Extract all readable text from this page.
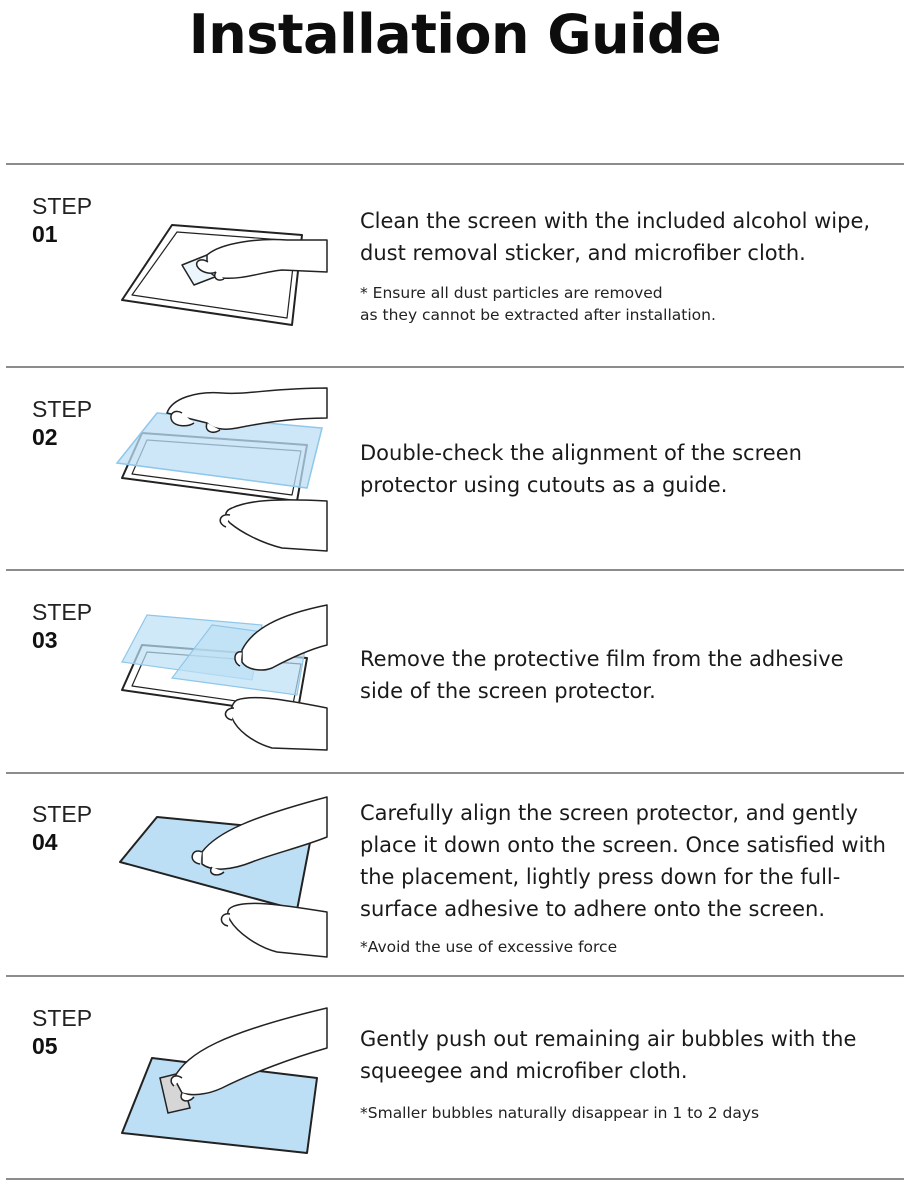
Installation Guide
STEP
01	Clean the screen with the included alcohol wipe, dust removal sticker, and microfiber cloth.
* Ensure all dust particles are removed
as they cannot be extracted after installation.
STEP
02
Double-check the alignment of the screen protector using cutouts as a guide.
STEP
03
Remove the protective film from the adhesive side of the screen protector.
STEP
04
Carefully align the screen protector, and gently place it down onto the screen. Once satisfied with the placement, lightly press down for the full-surface adhesive to adhere onto the screen.
*Avoid the use of excessive force
STEP
05	Gently push out remaining air bubbles with the squeegee and microfiber cloth.
*Smaller bubbles naturally disappear in 1 to 2 days
